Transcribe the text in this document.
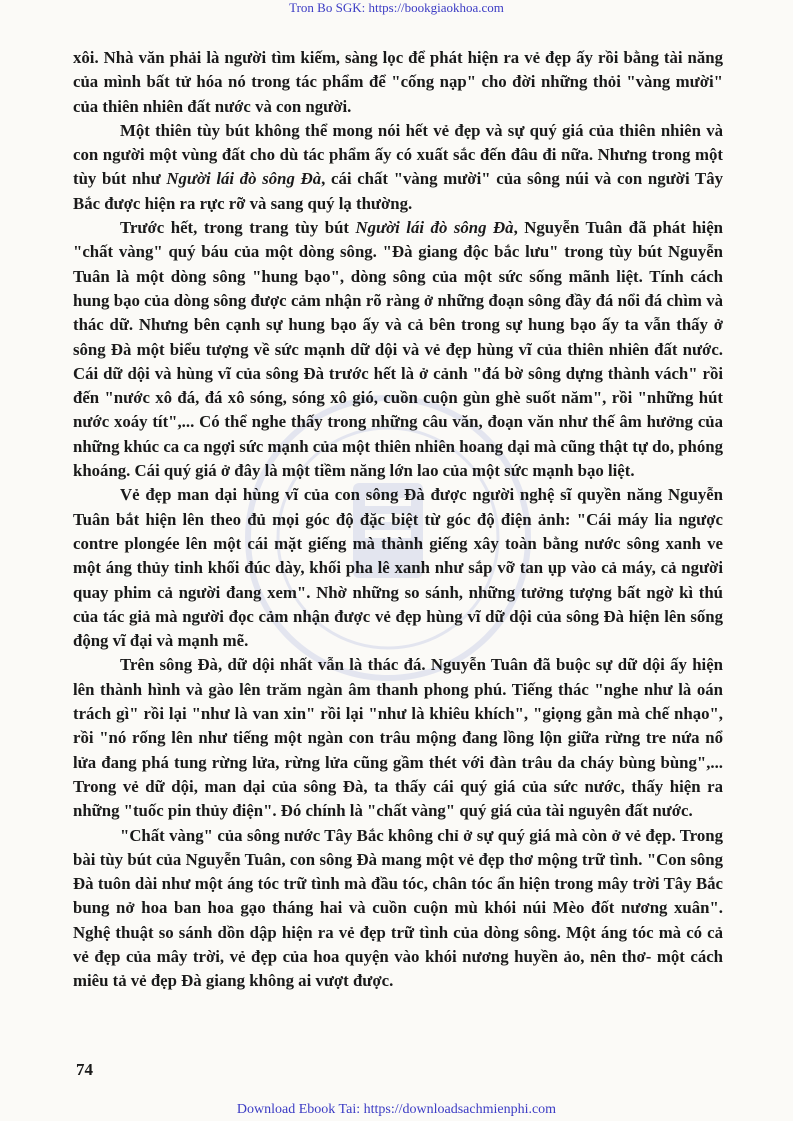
Tron Bo SGK: https://bookgiaokhoa.com

xôi. Nhà văn phải là người tìm kiếm, sàng lọc để phát hiện ra vẻ đẹp ấy rồi bằng tài năng của mình bất tử hóa nó trong tác phẩm để "cống nạp" cho đời những thỏi "vàng mười" của thiên nhiên đất nước và con người.

Một thiên tùy bút không thể mong nói hết vẻ đẹp và sự quý giá của thiên nhiên và con người một vùng đất cho dù tác phẩm ấy có xuất sắc đến đâu đi nữa. Nhưng trong một tùy bút như Người lái đò sông Đà, cái chất "vàng mười" của sông núi và con người Tây Bắc được hiện ra rực rỡ và sang quý lạ thường.

Trước hết, trong trang tùy bút Người lái đò sông Đà, Nguyễn Tuân đã phát hiện "chất vàng" quý báu của một dòng sông. "Đà giang độc bắc lưu" trong tùy bút Nguyễn Tuân là một dòng sông "hung bạo", dòng sông của một sức sống mãnh liệt. Tính cách hung bạo của dòng sông được cảm nhận rõ ràng ở những đoạn sông đầy đá nổi đá chìm và thác dữ. Nhưng bên cạnh sự hung bạo ấy và cả bên trong sự hung bạo ấy ta vẫn thấy ở sông Đà một biểu tượng về sức mạnh dữ dội và vẻ đẹp hùng vĩ của thiên nhiên đất nước. Cái dữ dội và hùng vĩ của sông Đà trước hết là ở cảnh "đá bờ sông dựng thành vách" rồi đến "nước xô đá, đá xô sóng, sóng xô gió, cuồn cuộn gùn ghè suốt năm", rồi "những hút nước xoáy tít",... Có thể nghe thấy trong những câu văn, đoạn văn như thế âm hưởng của những khúc ca ca ngợi sức mạnh của một thiên nhiên hoang dại mà cũng thật tự do, phóng khoáng. Cái quý giá ở đây là một tiềm năng lớn lao của một sức mạnh bạo liệt.

Vẻ đẹp man dại hùng vĩ của con sông Đà được người nghệ sĩ quyền năng Nguyễn Tuân bắt hiện lên theo đủ mọi góc độ đặc biệt từ góc độ điện ảnh: "Cái máy lia ngược contre plongée lên một cái mặt giếng mà thành giếng xây toàn bằng nước sông xanh ve một áng thủy tinh khối đúc dày, khối pha lê xanh như sắp vỡ tan ụp vào cả máy, cả người quay phim cả người đang xem". Nhờ những so sánh, những tưởng tượng bất ngờ kì thú của tác giả mà người đọc cảm nhận được vẻ đẹp hùng vĩ dữ dội của sông Đà hiện lên sống động vĩ đại và mạnh mẽ.

Trên sông Đà, dữ dội nhất vẫn là thác đá. Nguyễn Tuân đã buộc sự dữ dội ấy hiện lên thành hình và gào lên trăm ngàn âm thanh phong phú. Tiếng thác "nghe như là oán trách gì" rồi lại "như là van xin" rồi lại "như là khiêu khích", "giọng gằn mà chế nhạo", rồi "nó rống lên như tiếng một ngàn con trâu mộng đang lồng lộn giữa rừng tre nứa nổ lửa đang phá tung rừng lửa, rừng lửa cũng gầm thét với đàn trâu da cháy bùng bùng",... Trong vẻ dữ dội, man dại của sông Đà, ta thấy cái quý giá của sức nước, thấy hiện ra những "tuốc pin thủy điện". Đó chính là "chất vàng" quý giá của tài nguyên đất nước.

"Chất vàng" của sông nước Tây Bắc không chỉ ở sự quý giá mà còn ở vẻ đẹp. Trong bài tùy bút của Nguyễn Tuân, con sông Đà mang một vẻ đẹp thơ mộng trữ tình. "Con sông Đà tuôn dài như một áng tóc trữ tình mà đầu tóc, chân tóc ẩn hiện trong mây trời Tây Bắc bung nở hoa ban hoa gạo tháng hai và cuồn cuộn mù khói núi Mèo đốt nương xuân". Nghệ thuật so sánh dồn dập hiện ra vẻ đẹp trữ tình của dòng sông. Một áng tóc mà có cả vẻ đẹp của mây trời, vẻ đẹp của hoa quyện vào khói nương huyền ảo, nên thơ- một cách miêu tả vẻ đẹp Đà giang không ai vượt được.

74
Download Ebook Tai: https://downloadsachmienphi.com
